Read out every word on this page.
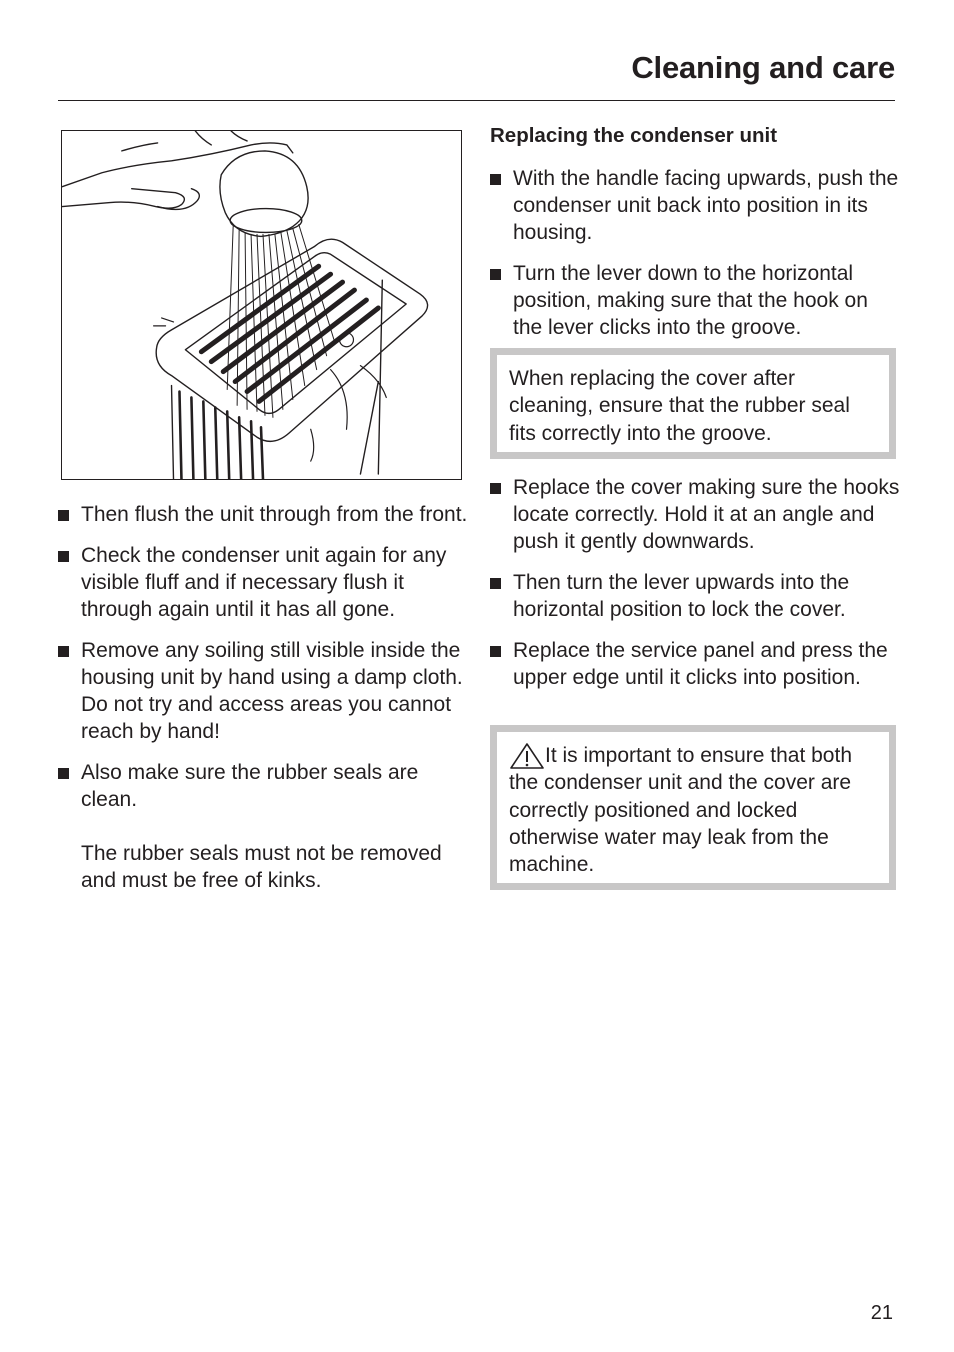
Cleaning and care
Then flush the unit through from the front.
Check the condenser unit again for any visible fluff and if necessary flush it through again until it has all gone.
Remove any soiling still visible inside the housing unit by hand using a damp cloth. Do not try and access areas you cannot reach by hand!
Also make sure the rubber seals are clean.
The rubber seals must not be removed and must be free of kinks.
Replacing the condenser unit
With the handle facing upwards, push the condenser unit back into position in its housing.
Turn the lever down to the horizontal position, making sure that the hook on the lever clicks into the groove.
When replacing the cover after cleaning, ensure that the rubber seal fits correctly into the groove.
Replace the cover making sure the hooks locate correctly. Hold it at an angle and push it gently downwards.
Then turn the lever upwards into the horizontal position to lock the cover.
Replace the service panel and press the upper edge until it clicks into position.
It is important to ensure that both the condenser unit and the cover are correctly positioned and locked otherwise water may leak from the machine.
21
